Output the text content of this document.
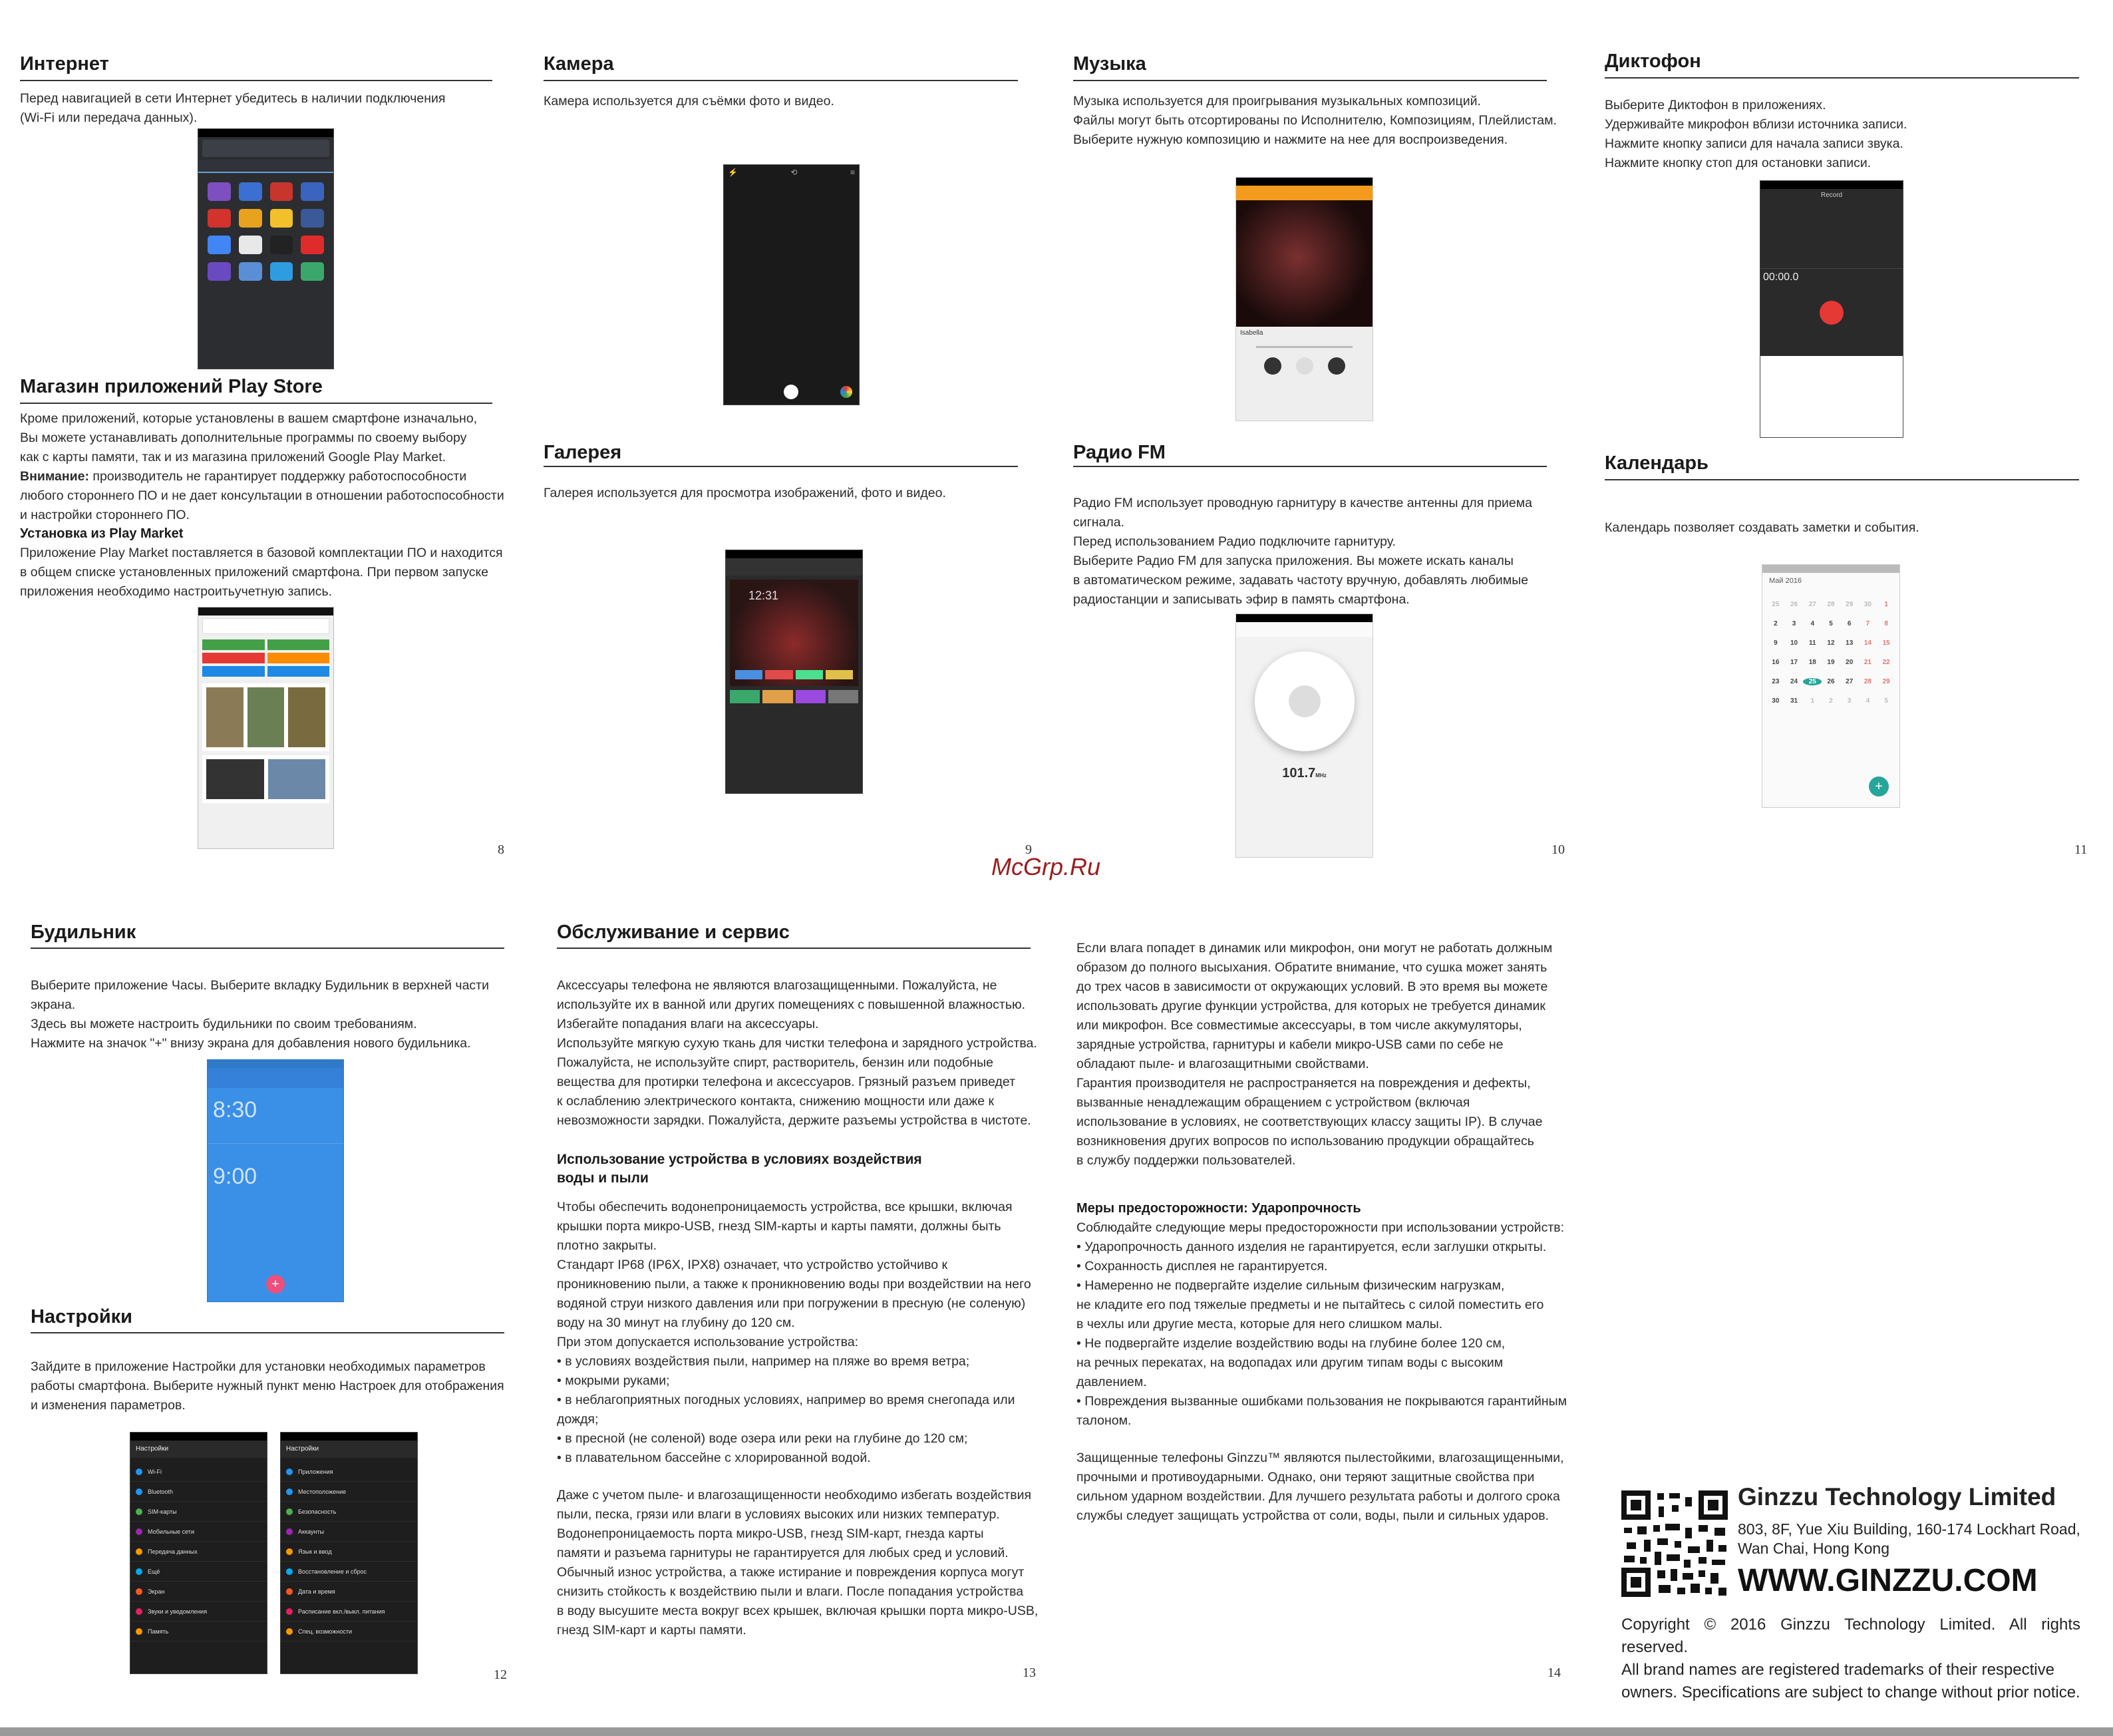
Интернет
Перед навигацией в сети Интернет убедитесь в наличии подключения
(Wi-Fi или передача данных).
Магазин приложений Play Store
Кроме приложений, которые установлены в вашем смартфоне изначально,
Вы можете устанавливать дополнительные программы по своему выбору
как с карты памяти, так и из магазина приложений Google Play Market.
Внимание: производитель не гарантирует поддержку работоспособности
любого стороннего ПО и не дает консультации в отношении работоспособности
и настройки стороннего ПО.
Установка из Play Market
Приложение Play Market поставляется в базовой комплектации ПО и находится
в общем списке установленных приложений смартфона. При первом запуске
приложения необходимо настроитьучетную запись.
8
Камера
Камера используется для съёмки фото и видео.
⚡	⟲	≡
Галерея
Галерея используется для просмотра изображений, фото и видео.
12:31
9
Музыка
Музыка используется для проигрывания музыкальных композиций.
Файлы могут быть отсортированы по Исполнителю, Композициям, Плейлистам.
Выберите нужную композицию и нажмите на нее для воспроизведения.
Isabella
Радио FM
Радио FM использует проводную гарнитуру в качестве антенны для приема
сигнала.
Перед использованием Радио подключите гарнитуру.
Выберите Радио FM для запуска приложения. Вы можете искать каналы
в автоматическом режиме, задавать частоту вручную, добавлять любимые
радиостанции и записывать эфир в память смартфона.
101.7MHz
10
Диктофон
Выберите Диктофон в приложениях.
Удерживайте микрофон вблизи источника записи.
Нажмите кнопку записи для начала записи звука.
Нажмите кнопку стоп для остановки записи.
Record
00:00.0
Календарь
Календарь позволяет создавать заметки и события.
Май 2016
25	26	27	28	29	30	1
2	3	4	5	6	7	8
9	10	11	12	13	14	15
16	17	18	19	20	21	22
23	24	25	26	27	28	29
30	31	1	2	3	4	5
+
11
McGrp.Ru
Будильник
Выберите приложение Часы. Выберите вкладку Будильник в верхней части
экрана.
Здесь вы можете настроить будильники по своим требованиям.
Нажмите на значок "+" внизу экрана для добавления нового будильника.
8:30
9:00
+
Настройки
Зайдите в приложение Настройки для установки необходимых параметров
работы смартфона. Выберите нужный пункт меню Настроек для отображения
и изменения параметров.
Настройки
Wi-Fi
Bluetooth
SIM-карты
Мобильные сети
Передача данных
Ещё
Экран
Звуки и уведомления
Память
Настройки
Приложения
Местоположение
Безопасность
Аккаунты
Язык и ввод
Восстановление и сброс
Дата и время
Расписание вкл./выкл. питания
Спец. возможности
12
Обслуживание и сервис
Аксессуары телефона не являются влагозащищенными. Пожалуйста, не
используйте их в ванной или других помещениях с повышенной влажностью.
Избегайте попадания влаги на аксессуары.
Используйте мягкую сухую ткань для чистки телефона и зарядного устройства.
Пожалуйста, не используйте спирт, растворитель, бензин или подобные
вещества для протирки телефона и аксессуаров. Грязный разъем приведет
к ослаблению электрического контакта, снижению мощности или даже к
невозможности зарядки. Пожалуйста, держите разъемы устройства в чистоте.
Использование устройства в условиях воздействия
воды и пыли
Чтобы обеспечить водонепроницаемость устройства, все крышки, включая
крышки порта микро-USB, гнезд SIM-карты и карты памяти, должны быть
плотно закрыты.
Стандарт IP68 (IP6X, IPX8) означает, что устройство устойчиво к
проникновению пыли, а также к проникновению воды при воздействии на него
водяной струи низкого давления или при погружении в пресную (не соленую)
воду на 30 минут на глубину до 120 см.
При этом допускается использование устройства:
• в условиях воздействия пыли, например на пляже во время ветра;
• мокрыми руками;
• в неблагоприятных погодных условиях, например во время снегопада или
дождя;
• в пресной (не соленой) воде озера или реки на глубине до 120 см;
• в плавательном бассейне с хлорированной водой.
Даже с учетом пыле- и влагозащищенности необходимо избегать воздействия
пыли, песка, грязи или влаги в условиях высоких или низких температур.
Водонепроницаемость порта микро-USB, гнезд SIM-карт, гнезда карты
памяти и разъема гарнитуры не гарантируется для любых сред и условий.
Обычный износ устройства, а также истирание и повреждения корпуса могут
снизить стойкость к воздействию пыли и влаги. После попадания устройства
в воду высушите места вокруг всех крышек, включая крышки порта микро-USB,
гнезд SIM-карт и карты памяти.
13
Если влага попадет в динамик или микрофон, они могут не работать должным
образом до полного высыхания. Обратите внимание, что сушка может занять
до трех часов в зависимости от окружающих условий. В это время вы можете
использовать другие функции устройства, для которых не требуется динамик
или микрофон. Все совместимые аксессуары, в том числе аккумуляторы,
зарядные устройства, гарнитуры и кабели микро-USB сами по себе не
обладают пыле- и влагозащитными свойствами.
Гарантия производителя не распространяется на повреждения и дефекты,
вызванные ненадлежащим обращением с устройством (включая
использование в условиях, не соответствующих классу защиты IP). В случае
возникновения других вопросов по использованию продукции обращайтесь
в службу поддержки пользователей.
Меры предосторожности: Ударопрочность
Соблюдайте следующие меры предосторожности при использовании устройств:
• Ударопрочность данного изделия не гарантируется, если заглушки открыты.
• Сохранность дисплея не гарантируется.
• Намеренно не подвергайте изделие сильным физическим нагрузкам,
не кладите его под тяжелые предметы и не пытайтесь с силой поместить его
в чехлы или другие места, которые для него слишком малы.
• Не подвергайте изделие воздействию воды на глубине более 120 см,
на речных перекатах, на водопадах или другим типам воды с высоким
давлением.
• Повреждения вызванные ошибками пользования не покрываются гарантийным
талоном.
Защищенные телефоны Ginzzu™ являются пылестойкими, влагозащищенными,
прочными и противоударными. Однако, они теряют защитные свойства при
сильном ударном воздействии. Для лучшего результата работы и долгого срока
службы следует защищать устройства от соли, воды, пыли и сильных ударов.
14
Ginzzu Technology Limited
803, 8F, Yue Xiu Building, 160-174 Lockhart Road,
Wan Chai, Hong Kong
WWW.GINZZU.COM
Copyright © 2016 Ginzzu Technology Limited. All rights reserved.
All brand names are registered trademarks of their respective
owners. Specifications are subject to change without prior notice.
